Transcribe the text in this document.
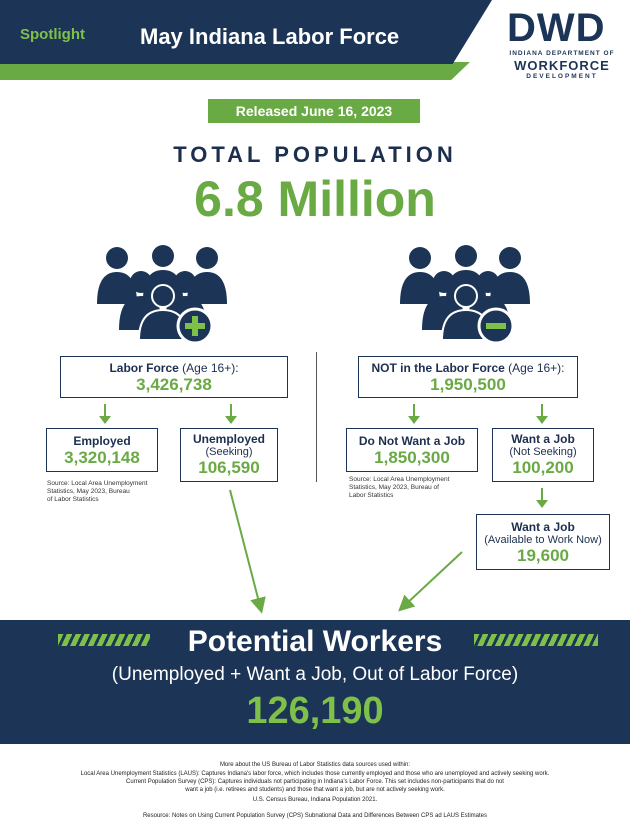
Spotlight	May Indiana Labor Force	DWD
INDIANA DEPARTMENT OF
WORKFORCE
DEVELOPMENT
Released June 16, 2023
TOTAL POPULATION
6.8 Million
Labor Force (Age 16+):
3,426,738
Employed
3,320,148
Unemployed
(Seeking)
106,590
Source: Local Area Unemployment
Statistics, May 2023, Bureau
of Labor Statistics
NOT in the Labor Force (Age 16+):
1,950,500
Do Not Want a Job
1,850,300
Want a Job
(Not Seeking)
100,200
Source: Local Area Unemployment
Statistics, May 2023, Bureau of
Labor Statistics
Want a Job
(Available to Work Now)
19,600
Potential Workers
(Unemployed + Want a Job, Out of Labor Force)
126,190
More about the US Bureau of Labor Statistics data sources used within:
Local Area Unemployment Statistics (LAUS): Captures Indiana's labor force, which includes those currently employed and those who are unemployed and actively seeking work.
Current Population Survey (CPS): Captures individuals not participating in Indiana's Labor Force. This set includes non-participants that do not
want a job (i.e. retirees and students) and those that want a job, but are not actively seeking work.
U.S. Census Bureau, Indiana Population 2021.
Resource: Notes on Using Current Population Survey (CPS) Subnational Data and Differences Between CPS ad LAUS Estimates
